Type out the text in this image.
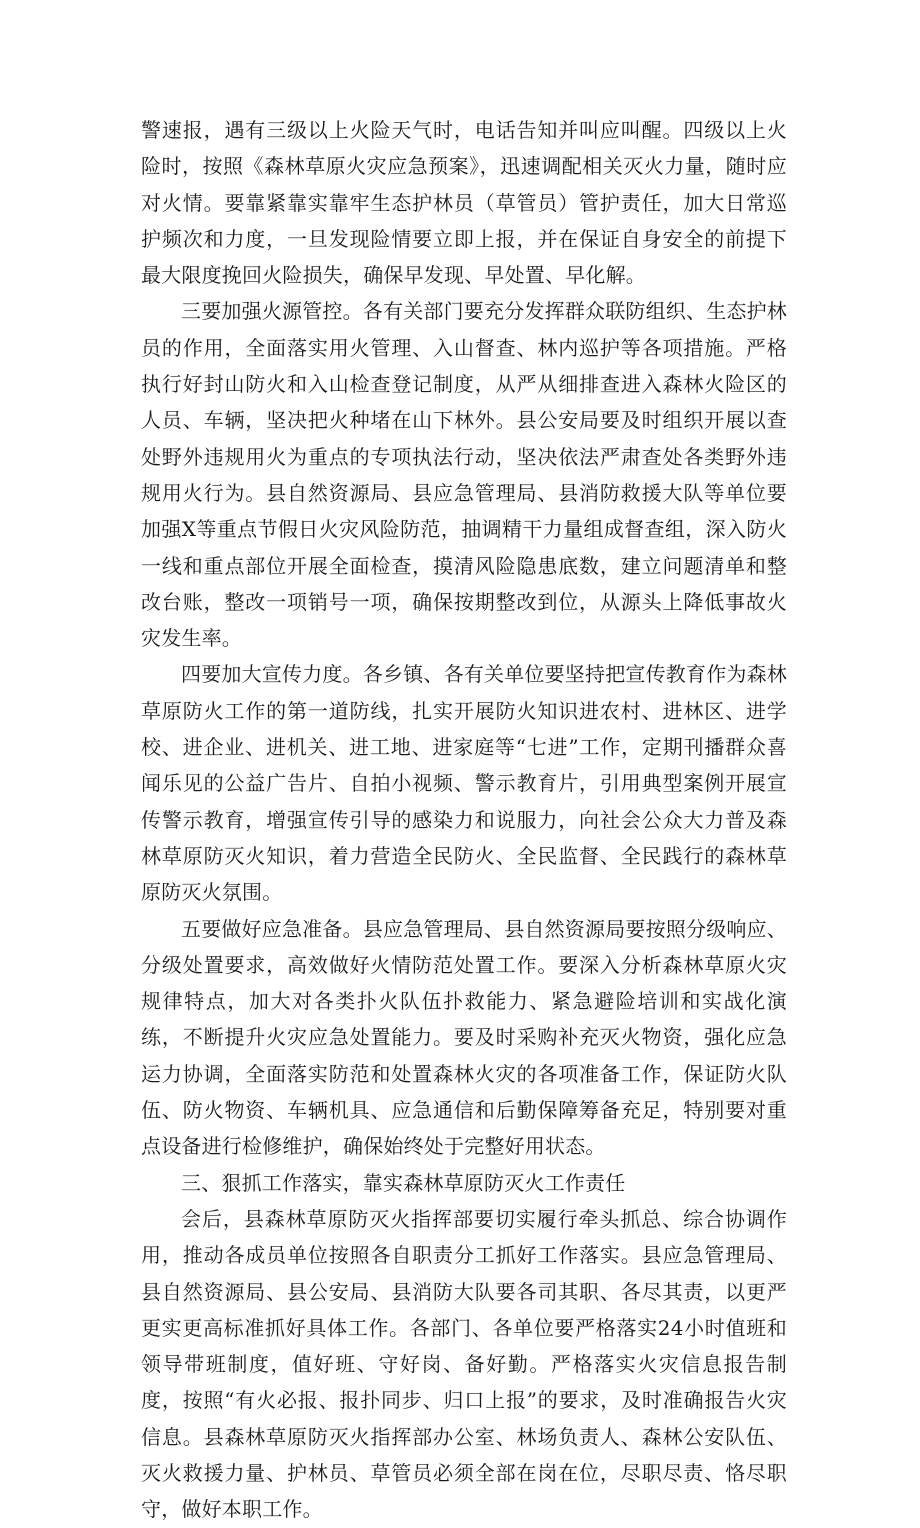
警速报，遇有三级以上火险天气时，电话告知并叫应叫醒。四级以上火险时，按照《森林草原火灾应急预案》，迅速调配相关灭火力量，随时应对火情。要靠紧靠实靠牢生态护林员（草管员）管护责任，加大日常巡护频次和力度，一旦发现险情要立即上报，并在保证自身安全的前提下最大限度挽回火险损失，确保早发现、早处置、早化解。

三要加强火源管控。各有关部门要充分发挥群众联防组织、生态护林员的作用，全面落实用火管理、入山督查、林内巡护等各项措施。严格执行好封山防火和入山检查登记制度，从严从细排查进入森林火险区的人员、车辆，坚决把火种堵在山下林外。县公安局要及时组织开展以查处野外违规用火为重点的专项执法行动，坚决依法严肃查处各类野外违规用火行为。县自然资源局、县应急管理局、县消防救援大队等单位要加强X等重点节假日火灾风险防范，抽调精干力量组成督查组，深入防火一线和重点部位开展全面检查，摸清风险隐患底数，建立问题清单和整改台账，整改一项销号一项，确保按期整改到位，从源头上降低事故火灾发生率。

四要加大宣传力度。各乡镇、各有关单位要坚持把宣传教育作为森林草原防火工作的第一道防线，扎实开展防火知识进农村、进林区、进学校、进企业、进机关、进工地、进家庭等“七进”工作，定期刊播群众喜闻乐见的公益广告片、自拍小视频、警示教育片，引用典型案例开展宣传警示教育，增强宣传引导的感染力和说服力，向社会公众大力普及森林草原防灭火知识，着力营造全民防火、全民监督、全民践行的森林草原防灭火氛围。

五要做好应急准备。县应急管理局、县自然资源局要按照分级响应、分级处置要求，高效做好火情防范处置工作。要深入分析森林草原火灾规律特点，加大对各类扑火队伍扑救能力、紧急避险培训和实战化演练，不断提升火灾应急处置能力。要及时采购补充灭火物资，强化应急运力协调，全面落实防范和处置森林火灾的各项准备工作，保证防火队伍、防火物资、车辆机具、应急通信和后勤保障筹备充足，特别要对重点设备进行检修维护，确保始终处于完整好用状态。

三、狠抓工作落实，靠实森林草原防灭火工作责任

会后，县森林草原防灭火指挥部要切实履行牵头抓总、综合协调作用，推动各成员单位按照各自职责分工抓好工作落实。县应急管理局、县自然资源局、县公安局、县消防大队要各司其职、各尽其责，以更严更实更高标准抓好具体工作。各部门、各单位要严格落实24小时值班和领导带班制度，值好班、守好岗、备好勤。严格落实火灾信息报告制度，按照“有火必报、报扑同步、归口上报”的要求，及时准确报告火灾信息。县森林草原防灭火指挥部办公室、林场负责人、森林公安队伍、灭火救援力量、护林员、草管员必须全部在岗在位，尽职尽责、恪尽职守，做好本职工作。
